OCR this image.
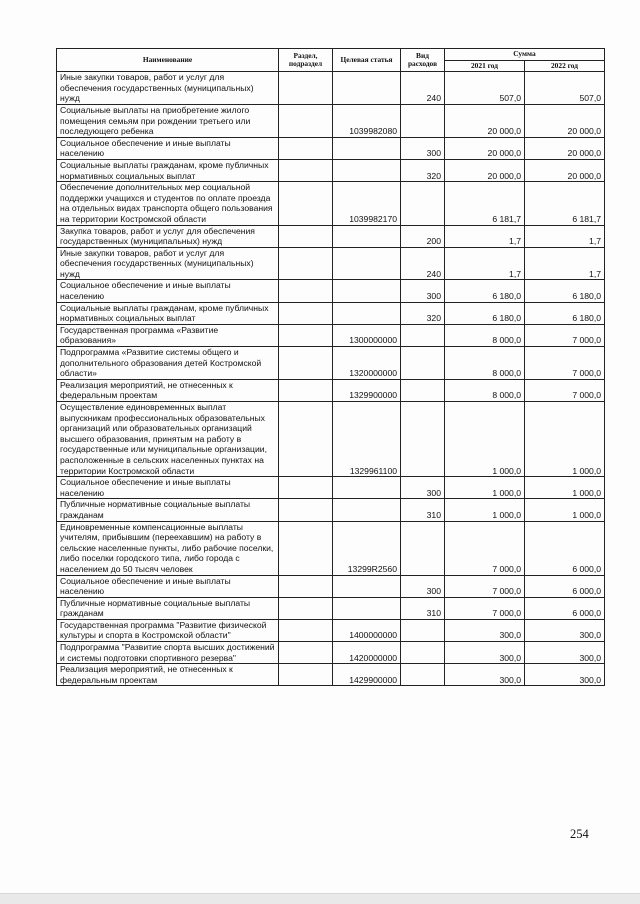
Наименование	Раздел, подраздел	Целевая статья	Вид расходов	Сумма	
				2021 год	2022 год
Иные закупки товаров, работ и услуг для обеспечения государственных (муниципальных) нужд			240	507,0	507,0
Социальные выплаты на приобретение жилого помещения семьям при рождении третьего или последующего ребенка		1039982080		20 000,0	20 000,0
Социальное обеспечение и иные выплаты населению			300	20 000,0	20 000,0
Социальные выплаты гражданам, кроме публичных нормативных социальных выплат			320	20 000,0	20 000,0
Обеспечение дополнительных мер социальной поддержки учащихся и студентов по оплате проезда на отдельных видах транспорта общего пользования на территории Костромской области		1039982170		6 181,7	6 181,7
Закупка товаров, работ и услуг для обеспечения государственных (муниципальных) нужд			200	1,7	1,7
Иные закупки товаров, работ и услуг для обеспечения государственных (муниципальных) нужд			240	1,7	1,7
Социальное обеспечение и иные выплаты населению			300	6 180,0	6 180,0
Социальные выплаты гражданам, кроме публичных нормативных социальных выплат			320	6 180,0	6 180,0
Государственная программа «Развитие образования»		1300000000		8 000,0	7 000,0
Подпрограмма «Развитие системы общего и дополнительного образования детей Костромской области»		1320000000		8 000,0	7 000,0
Реализация мероприятий, не отнесенных к федеральным проектам		1329900000		8 000,0	7 000,0
Осуществление единовременных выплат выпускникам профессиональных образовательных организаций или образовательных организаций высшего образования, принятым на работу в государственные или муниципальные организации, расположенные в сельских населенных пунктах на территории Костромской области		1329961100		1 000,0	1 000,0
Социальное обеспечение и иные выплаты населению			300	1 000,0	1 000,0
Публичные нормативные социальные выплаты гражданам			310	1 000,0	1 000,0
Единовременные компенсационные выплаты учителям, прибывшим (переехавшим) на работу в сельские населенные пункты, либо рабочие поселки, либо поселки городского типа, либо города с населением до 50 тысяч человек		13299R2560		7 000,0	6 000,0
Социальное обеспечение и иные выплаты населению			300	7 000,0	6 000,0
Публичные нормативные социальные выплаты гражданам			310	7 000,0	6 000,0
Государственная программа "Развитие физической культуры и спорта в Костромской области"		1400000000		300,0	300,0
Подпрограмма "Развитие спорта высших достижений и системы подготовки спортивного резерва"		1420000000		300,0	300,0
Реализация мероприятий, не отнесенных к федеральным проектам		1429900000		300,0	300,0
254
